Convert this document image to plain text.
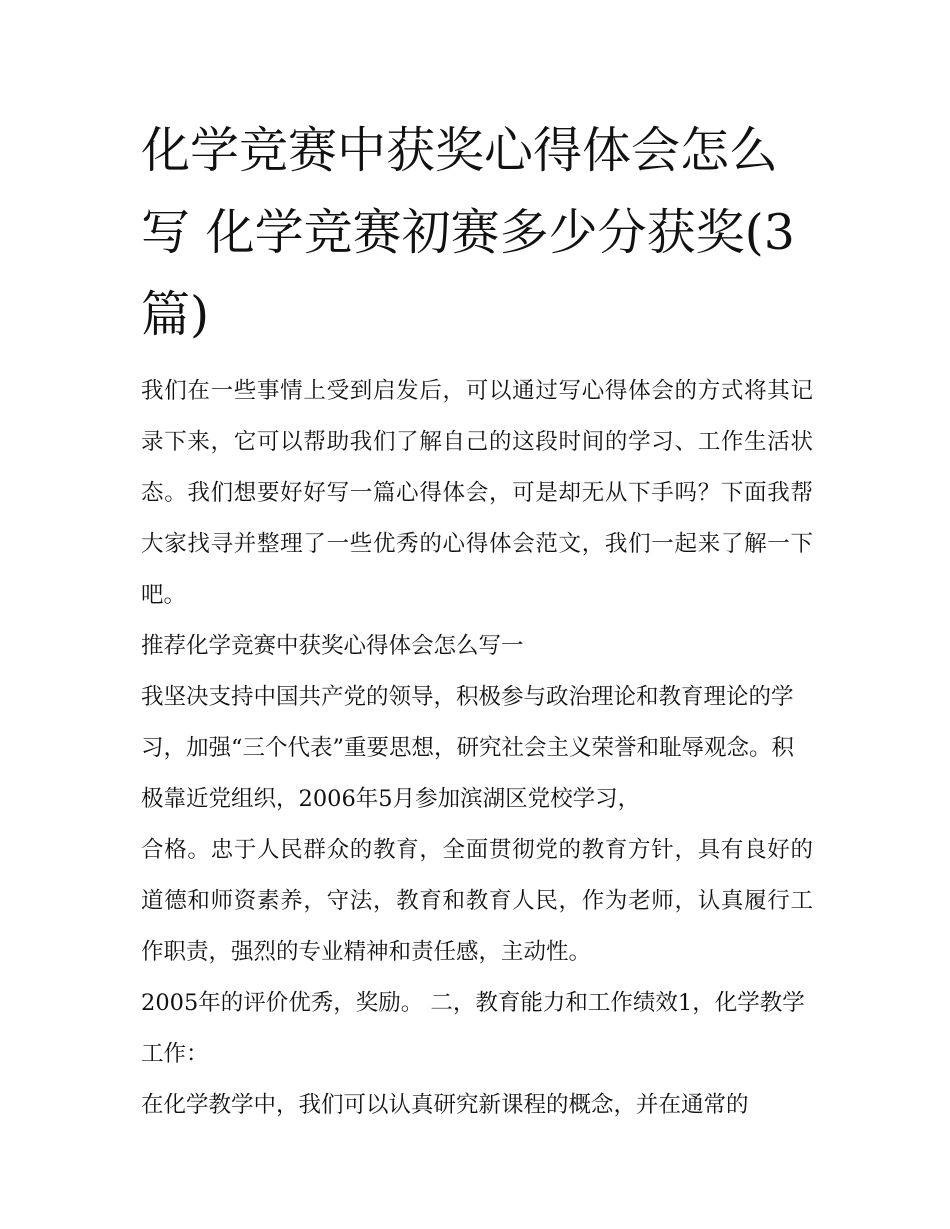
化学竞赛中获奖心得体会怎么写 化学竞赛初赛多少分获奖(3篇)

我们在一些事情上受到启发后，可以通过写心得体会的方式将其记录下来，它可以帮助我们了解自己的这段时间的学习、工作生活状态。我们想要好好写一篇心得体会，可是却无从下手吗？下面我帮大家找寻并整理了一些优秀的心得体会范文，我们一起来了解一下吧。

推荐化学竞赛中获奖心得体会怎么写一

我坚决支持中国共产党的领导，积极参与政治理论和教育理论的学习，加强“三个代表”重要思想，研究社会主义荣誉和耻辱观念。积极靠近党组织，2006年5月参加滨湖区党校学习，

合格。忠于人民群众的教育，全面贯彻党的教育方针，具有良好的道德和师资素养，守法，教育和教育人民，作为老师，认真履行工作职责，强烈的专业精神和责任感，主动性。

2005年的评价优秀，奖励。 二，教育能力和工作绩效1，化学教学工作：

在化学教学中，我们可以认真研究新课程的概念，并在通常的
